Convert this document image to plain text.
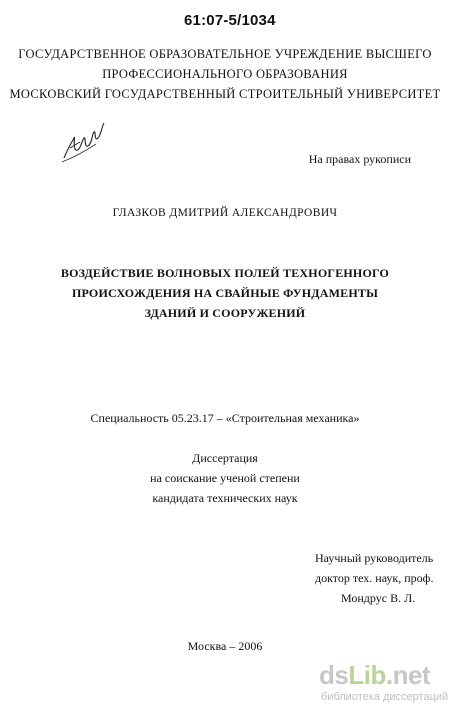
61:07-5/1034
ГОСУДАРСТВЕННОЕ ОБРАЗОВАТЕЛЬНОЕ УЧРЕЖДЕНИЕ ВЫСШЕГО
ПРОФЕССИОНАЛЬНОГО ОБРАЗОВАНИЯ
МОСКОВСКИЙ ГОСУДАРСТВЕННЫЙ СТРОИТЕЛЬНЫЙ УНИВЕРСИТЕТ
На правах рукописи
ГЛАЗКОВ ДМИТРИЙ АЛЕКСАНДРОВИЧ
ВОЗДЕЙСТВИЕ ВОЛНОВЫХ ПОЛЕЙ ТЕХНОГЕННОГО
ПРОИСХОЖДЕНИЯ НА СВАЙНЫЕ ФУНДАМЕНТЫ
ЗДАНИЙ И СООРУЖЕНИЙ
Специальность 05.23.17 – «Строительная механика»
Диссертация
на соискание ученой степени
кандидата технических наук
Научный руководитель
доктор тех. наук, проф.
Мондрус В. Л.
Москва – 2006
dsLib.net
библиотека диссертаций
